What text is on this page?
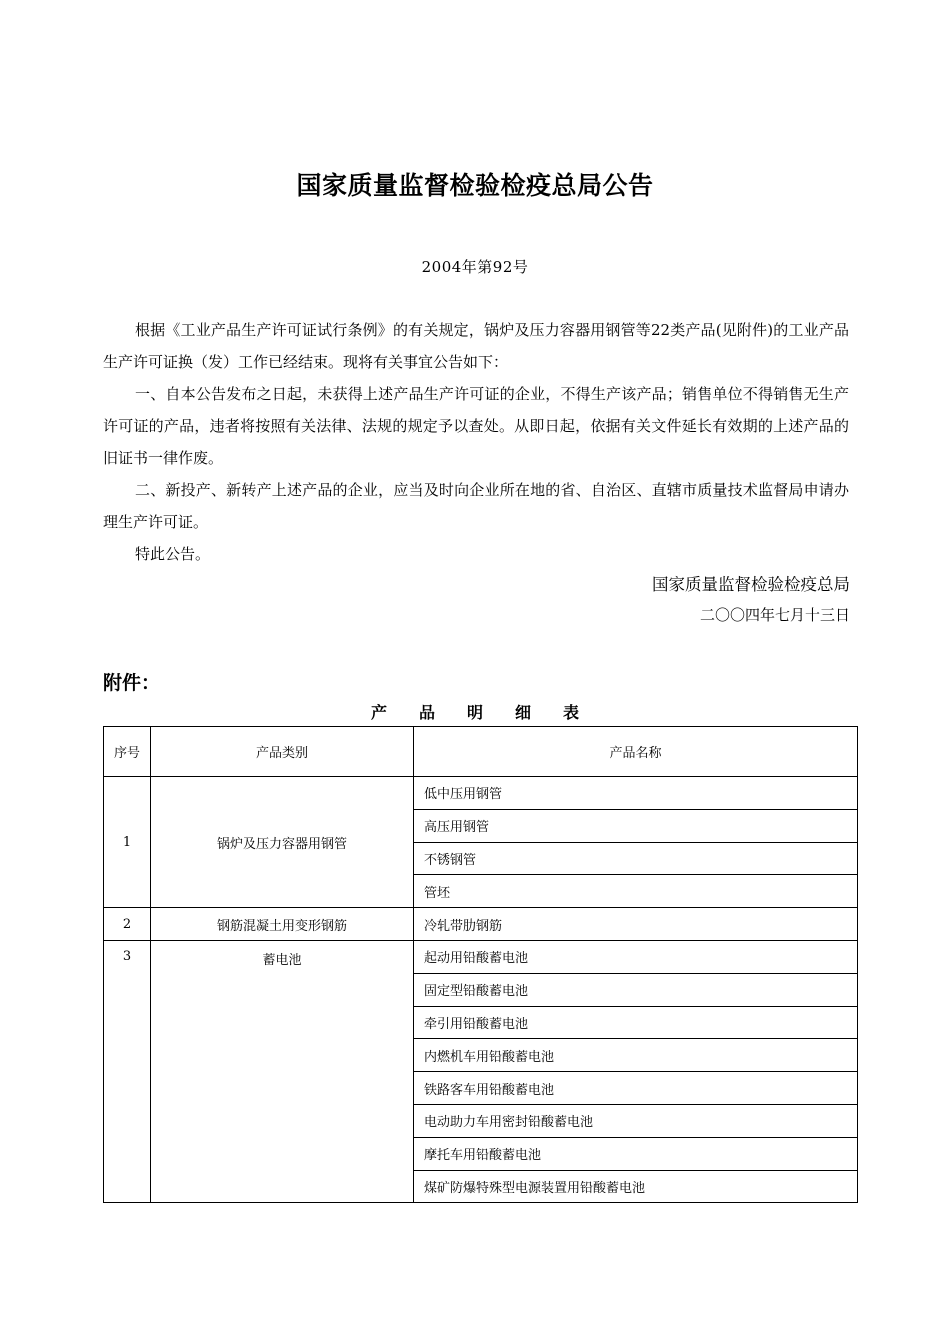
国家质量监督检验检疫总局公告
2004年第92号

根据《工业产品生产许可证试行条例》的有关规定，锅炉及压力容器用钢管等22类产品(见附件)的工业产品生产许可证换（发）工作已经结束。现将有关事宜公告如下：

一、自本公告发布之日起，未获得上述产品生产许可证的企业，不得生产该产品；销售单位不得销售无生产许可证的产品，违者将按照有关法律、法规的规定予以查处。从即日起，依据有关文件延长有效期的上述产品的旧证书一律作废。

二、新投产、新转产上述产品的企业，应当及时向企业所在地的省、自治区、直辖市质量技术监督局申请办理生产许可证。

特此公告。

国家质量监督检验检疫总局
二〇〇四年七月十三日
附件：
产品明细表
序号	产品类别	产品名称
1	锅炉及压力容器用钢管	低中压用钢管
		高压用钢管
		不锈钢管
		管坯
2	钢筋混凝土用变形钢筋	冷轧带肋钢筋
3	蓄电池	起动用铅酸蓄电池
		固定型铅酸蓄电池
		牵引用铅酸蓄电池
		内燃机车用铅酸蓄电池
		铁路客车用铅酸蓄电池
		电动助力车用密封铅酸蓄电池
		摩托车用铅酸蓄电池
		煤矿防爆特殊型电源装置用铅酸蓄电池
